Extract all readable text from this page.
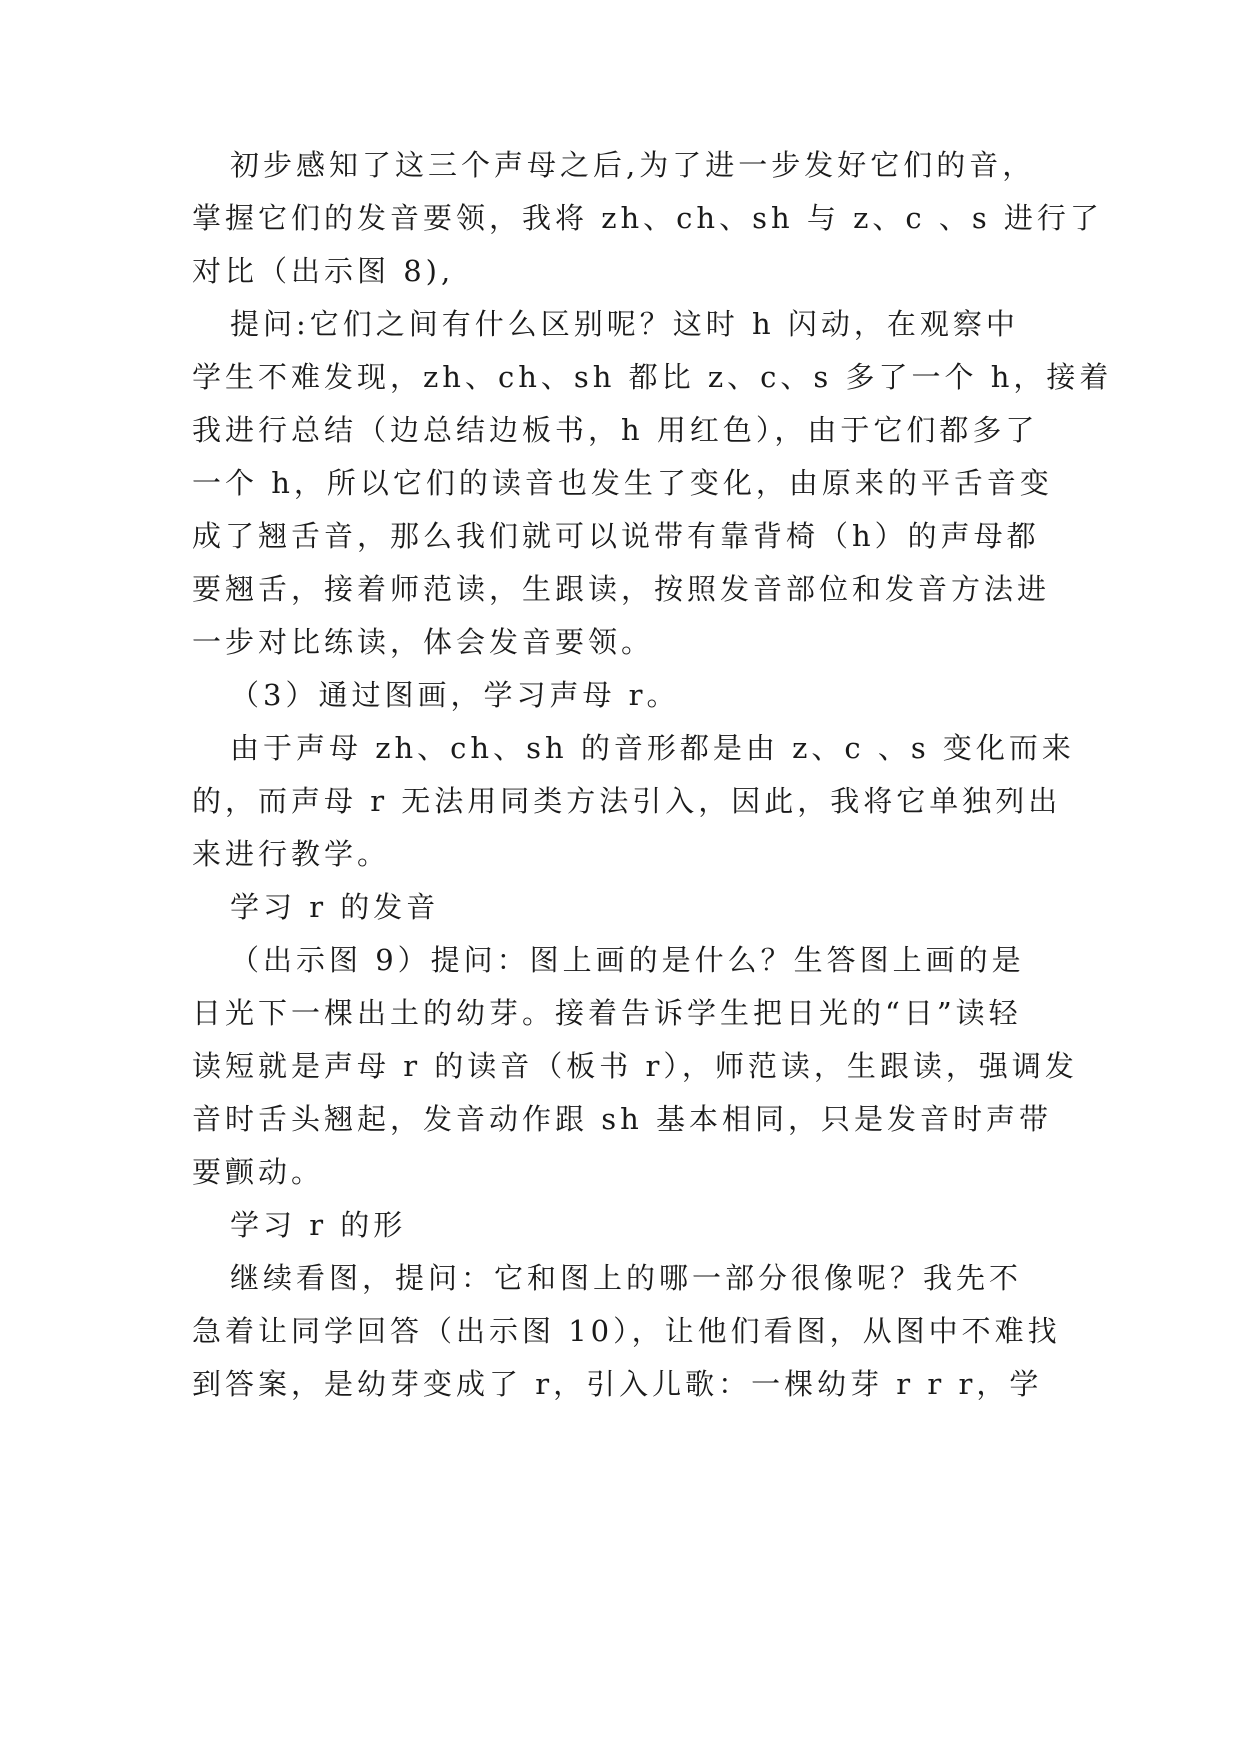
初步感知了这三个声母之后,为了进一步发好它们的音，
掌握它们的发音要领，我将 zh、ch、sh 与 z、c 、s 进行了
对比（出示图 8),
提问:它们之间有什么区别呢？这时 h 闪动，在观察中
学生不难发现，zh、ch、sh 都比 z、c、s 多了一个 h，接着
我进行总结（边总结边板书，h 用红色），由于它们都多了
一个 h，所以它们的读音也发生了变化，由原来的平舌音变
成了翘舌音，那么我们就可以说带有靠背椅（h）的声母都
要翘舌，接着师范读，生跟读，按照发音部位和发音方法进
一步对比练读，体会发音要领。
（3）通过图画，学习声母 r。
由于声母 zh、ch、sh 的音形都是由 z、c 、s 变化而来
的，而声母 r 无法用同类方法引入，因此，我将它单独列出
来进行教学。
学习 r 的发音
（出示图 9）提问：图上画的是什么？生答图上画的是
日光下一棵出土的幼芽。接着告诉学生把日光的“日”读轻
读短就是声母 r 的读音（板书 r），师范读，生跟读，强调发
音时舌头翘起，发音动作跟 sh 基本相同，只是发音时声带
要颤动。
学习 r 的形
继续看图，提问：它和图上的哪一部分很像呢？我先不
急着让同学回答（出示图 10），让他们看图，从图中不难找
到答案，是幼芽变成了 r，引入儿歌：一棵幼芽 r r r，学
